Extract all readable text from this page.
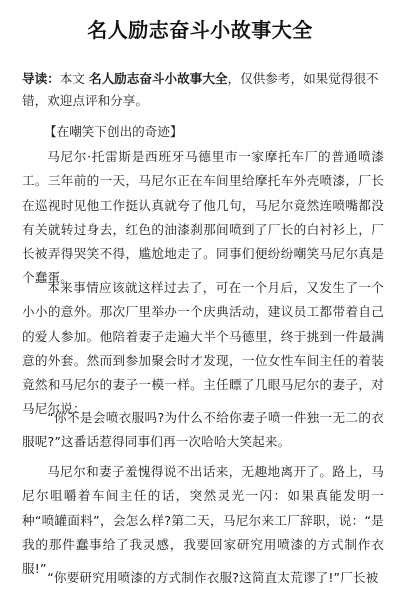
名人励志奋斗小故事大全
导读：本文 名人励志奋斗小故事大全，仅供参考，如果觉得很不错，欢迎点评和分享。
【在嘲笑下创出的奇迹】
马尼尔·托雷斯是西班牙马德里市一家摩托车厂的普通喷漆工。三年前的一天，马尼尔正在车间里给摩托车外壳喷漆，厂长在巡视时见他工作挺认真就夸了他几句，马尼尔竟然连喷嘴都没有关就转过身去，红色的油漆刹那间喷到了厂长的白衬衫上，厂长被弄得哭笑不得，尴尬地走了。同事们便纷纷嘲笑马尼尔真是个蠢蛋。
本来事情应该就这样过去了，可在一个月后，又发生了一个小小的意外。那次厂里举办一个庆典活动，建议员工都带着自己的爱人参加。他陪着妻子走遍大半个马德里，终于挑到一件最满意的外套。然而到参加聚会时才发现，一位女性车间主任的着装竟然和马尼尔的妻子一模一样。主任瞟了几眼马尼尔的妻子，对马尼尔说：
“你不是会喷衣服吗?为什么不给你妻子喷一件独一无二的衣服呢?”这番话惹得同事们再一次哈哈大笑起来。
马尼尔和妻子羞愧得说不出话来，无趣地离开了。路上，马尼尔咀嚼着车间主任的话，突然灵光一闪：如果真能发明一种“喷罐面料”，会怎么样?第二天，马尼尔来工厂辞职，说：“是我的那件蠢事给了我灵感，我要回家研究用喷漆的方式制作衣服!”
“你要研究用喷漆的方式制作衣服?这简直太荒谬了!”厂长被
